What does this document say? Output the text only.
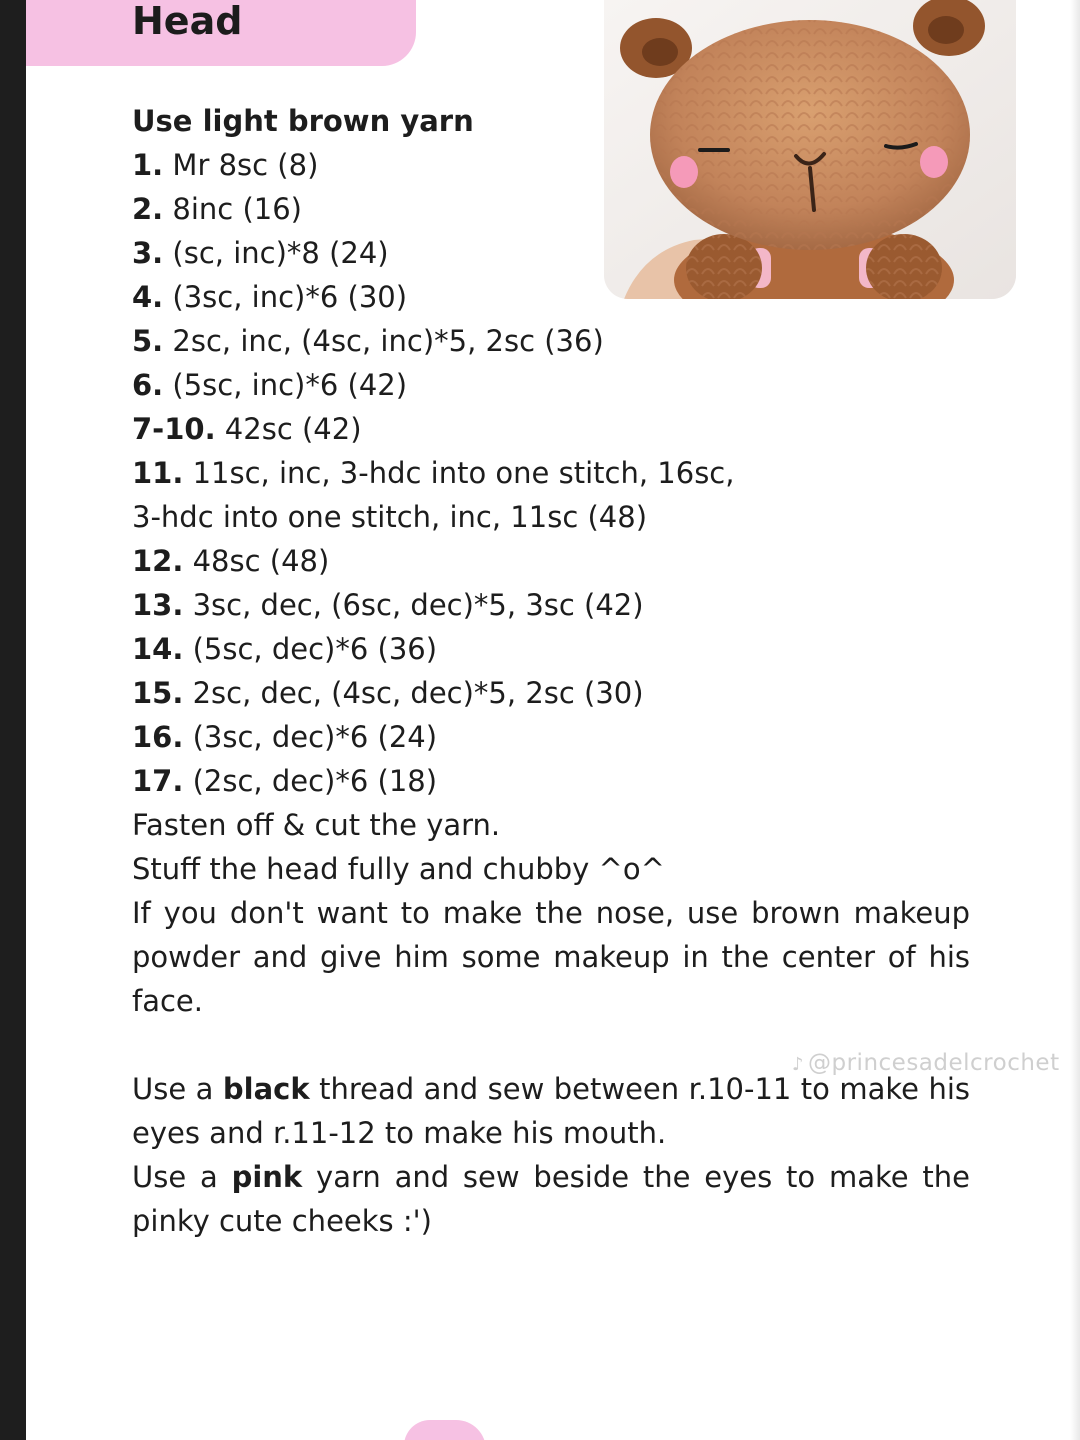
Head

Use light brown yarn

1. Mr 8sc (8)

2. 8inc (16)

3. (sc, inc)*8 (24)

4. (3sc, inc)*6 (30)

5. 2sc, inc, (4sc, inc)*5, 2sc (36)

6. (5sc, inc)*6 (42)

7-10. 42sc (42)

11. 11sc, inc, 3-hdc into one stitch, 16sc,

3-hdc into one stitch, inc, 11sc (48)

12. 48sc (48)

13. 3sc, dec, (6sc, dec)*5, 3sc (42)

14. (5sc, dec)*6 (36)

15. 2sc, dec, (4sc, dec)*5, 2sc (30)

16. (3sc, dec)*6 (24)

17. (2sc, dec)*6 (18)

Fasten off & cut the yarn.

Stuff the head fully and chubby ^o^

If you don't want to make the nose, use brown makeup powder and give him some makeup in the center of his face.

Use a black thread and sew between r.10-11 to make his eyes and r.11-12 to make his mouth.

Use a pink yarn and sew beside the eyes to make the pinky cute cheeks :')

♪ @princesadelcrochet
